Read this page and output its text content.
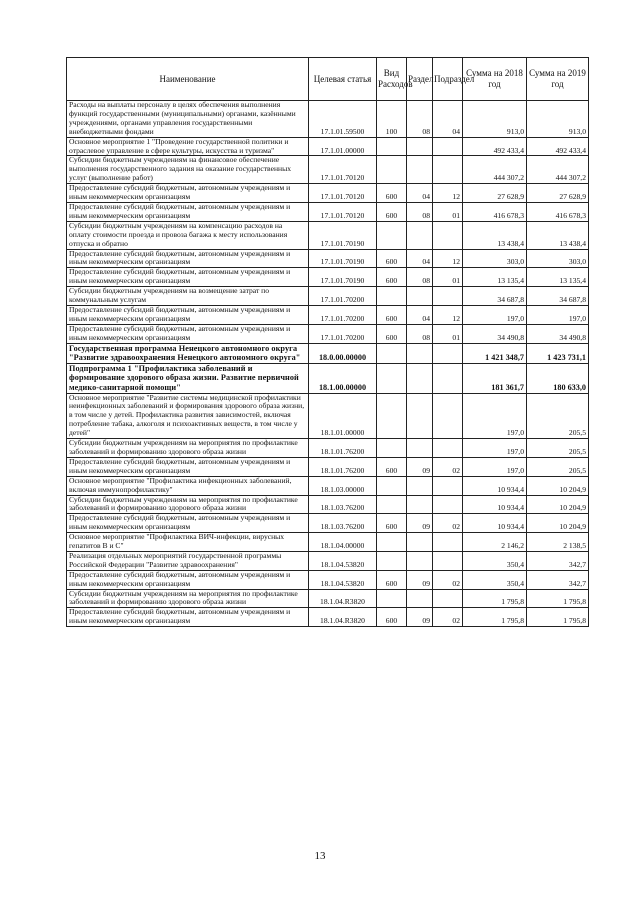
Наименование	Целевая статья	Вид Расходов	Раздел	Подраздел	Сумма на 2018 год	Сумма на 2019 год
Расходы на выплаты персоналу в целях обеспечения выполнения функций государственными (муниципальными) органами, казёнными учреждениями, органами управления государственными внебюджетными фондами	17.1.01.59500	100	08	04	913,0	913,0
Основное мероприятие 1 "Проведение государственной политики и отраслевое управление в сфере культуры, искусства и туризма"	17.1.01.00000				492 433,4	492 433,4
Субсидии бюджетным учреждениям на финансовое обеспечение выполнения государственного задания на оказание государственных услуг (выполнение работ)	17.1.01.70120				444 307,2	444 307,2
Предоставление субсидий бюджетным, автономным учреждениям и иным некоммерческим организациям	17.1.01.70120	600	04	12	27 628,9	27 628,9
Предоставление субсидий бюджетным, автономным учреждениям и иным некоммерческим организациям	17.1.01.70120	600	08	01	416 678,3	416 678,3
Субсидии бюджетным учреждениям на компенсацию расходов на оплату стоимости проезда и провоза багажа к месту использования отпуска и обратно	17.1.01.70190				13 438,4	13 438,4
Предоставление субсидий бюджетным, автономным учреждениям и иным некоммерческим организациям	17.1.01.70190	600	04	12	303,0	303,0
Предоставление субсидий бюджетным, автономным учреждениям и иным некоммерческим организациям	17.1.01.70190	600	08	01	13 135,4	13 135,4
Субсидии бюджетным учреждениям на возмещение затрат по коммунальным услугам	17.1.01.70200				34 687,8	34 687,8
Предоставление субсидий бюджетным, автономным учреждениям и иным некоммерческим организациям	17.1.01.70200	600	04	12	197,0	197,0
Предоставление субсидий бюджетным, автономным учреждениям и иным некоммерческим организациям	17.1.01.70200	600	08	01	34 490,8	34 490,8
Государственная программа Ненецкого автономного округа "Развитие здравоохранения Ненецкого автономного округа"	18.0.00.00000				1 421 348,7	1 423 731,1
Подпрограмма 1 "Профилактика заболеваний и формирование здорового образа жизни. Развитие первичной медико-санитарной помощи"	18.1.00.00000				181 361,7	180 633,0
Основное мероприятие "Развитие системы медицинской профилактики неинфекционных заболеваний и формирования здорового образа жизни, в том числе у детей. Профилактика развития зависимостей, включая потребление табака, алкоголя и психоактивных веществ, в том числе у детей"	18.1.01.00000				197,0	205,5
Субсидии бюджетным учреждениям на мероприятия по профилактике заболеваний и формированию здорового образа жизни	18.1.01.76200				197,0	205,5
Предоставление субсидий бюджетным, автономным учреждениям и иным некоммерческим организациям	18.1.01.76200	600	09	02	197,0	205,5
Основное мероприятие "Профилактика инфекционных заболеваний, включая иммунопрофилактику"	18.1.03.00000				10 934,4	10 204,9
Субсидии бюджетным учреждениям на мероприятия по профилактике заболеваний и формированию здорового образа жизни	18.1.03.76200				10 934,4	10 204,9
Предоставление субсидий бюджетным, автономным учреждениям и иным некоммерческим организациям	18.1.03.76200	600	09	02	10 934,4	10 204,9
Основное мероприятие "Профилактика ВИЧ-инфекции, вирусных гепатитов В и С"	18.1.04.00000				2 146,2	2 138,5
Реализация отдельных мероприятий государственной программы Российской Федерации "Развитие здравоохранения"	18.1.04.53820				350,4	342,7
Предоставление субсидий бюджетным, автономным учреждениям и иным некоммерческим организациям	18.1.04.53820	600	09	02	350,4	342,7
Субсидии бюджетным учреждениям на мероприятия по профилактике заболеваний и формированию здорового образа жизни	18.1.04.R3820				1 795,8	1 795,8
Предоставление субсидий бюджетным, автономным учреждениям и иным некоммерческим организациям	18.1.04.R3820	600	09	02	1 795,8	1 795,8
13
